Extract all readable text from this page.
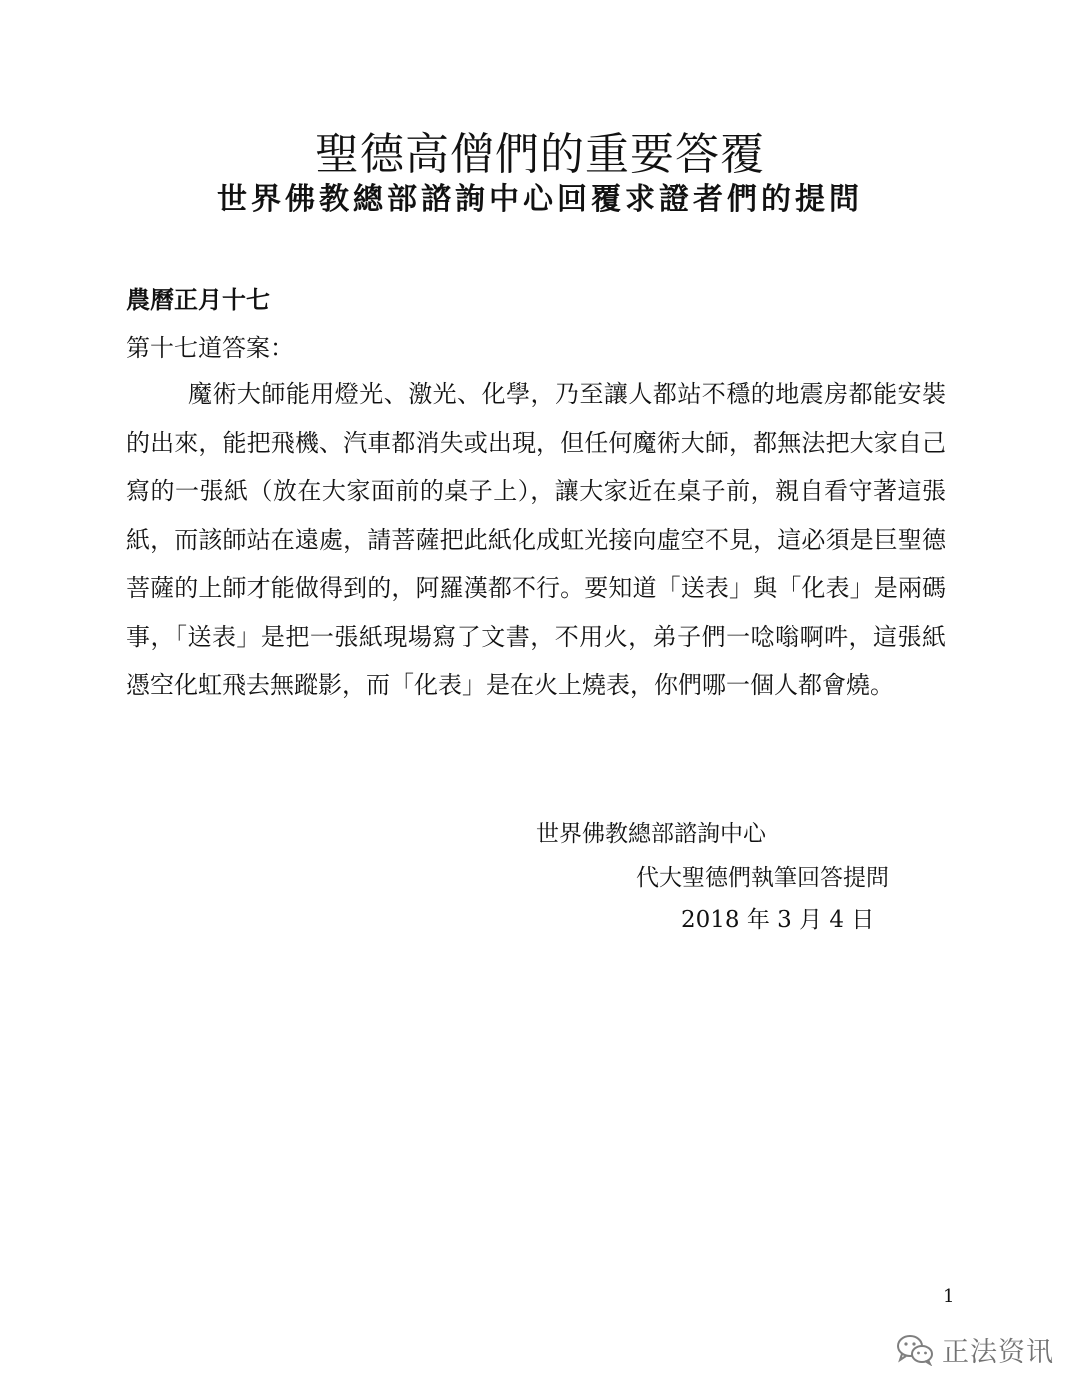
聖德高僧們的重要答覆
世界佛教總部諮詢中心回覆求證者們的提問

農曆正月十七

第十七道答案：

魔術大師能用燈光、激光、化學，乃至讓人都站不穩的地震房都能安裝的出來，能把飛機、汽車都消失或出現，但任何魔術大師，都無法把大家自己寫的一張紙（放在大家面前的桌子上），讓大家近在桌子前，親自看守著這張紙，而該師站在遠處，請菩薩把此紙化成虹光接向虛空不見，這必須是巨聖德菩薩的上師才能做得到的，阿羅漢都不行。要知道「送表」與「化表」是兩碼事，「送表」是把一張紙現場寫了文書，不用火，弟子們一唸嗡啊吽，這張紙憑空化虹飛去無蹤影，而「化表」是在火上燒表，你們哪一個人都會燒。

世界佛教總部諮詢中心

代大聖德們執筆回答提問

2018 年 3 月 4 日

1

正法资讯
